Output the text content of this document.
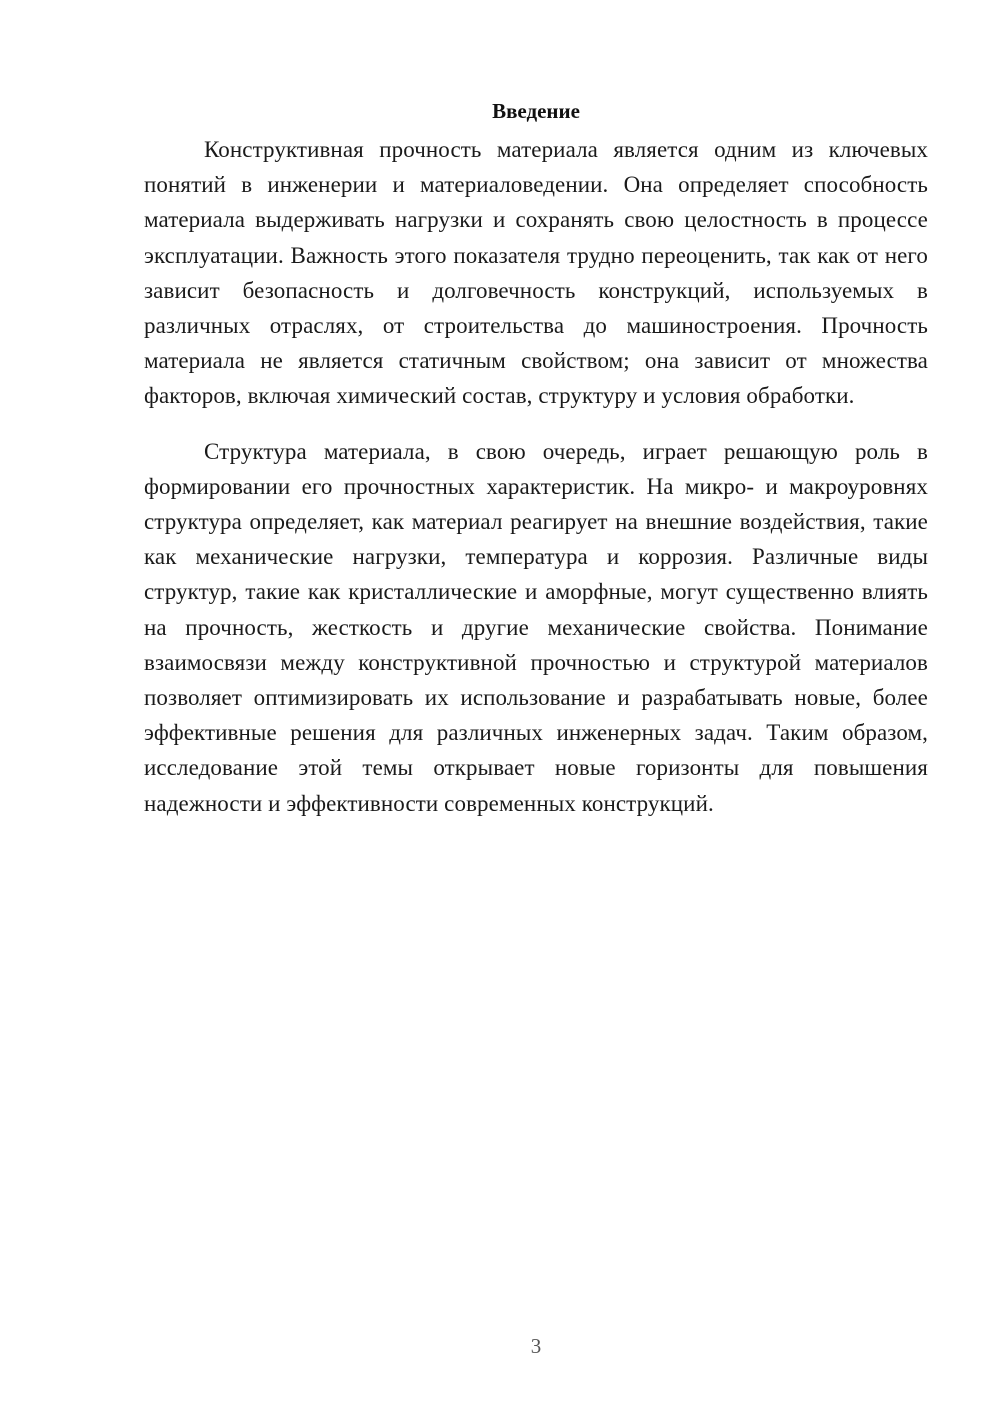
Введение

Конструктивная прочность материала является одним из ключевых понятий в инженерии и материаловедении. Она определяет способность материала выдерживать нагрузки и сохранять свою целостность в процессе эксплуатации. Важность этого показателя трудно переоценить, так как от него зависит безопасность и долговечность конструкций, используемых в различных отраслях, от строительства до машиностроения. Прочность материала не является статичным свойством; она зависит от множества факторов, включая химический состав, структуру и условия обработки.

Структура материала, в свою очередь, играет решающую роль в формировании его прочностных характеристик. На микро- и макроуровнях структура определяет, как материал реагирует на внешние воздействия, такие как механические нагрузки, температура и коррозия. Различные виды структур, такие как кристаллические и аморфные, могут существенно влиять на прочность, жесткость и другие механические свойства. Понимание взаимосвязи между конструктивной прочностью и структурой материалов позволяет оптимизировать их использование и разрабатывать новые, более эффективные решения для различных инженерных задач. Таким образом, исследование этой темы открывает новые горизонты для повышения надежности и эффективности современных конструкций.

3
